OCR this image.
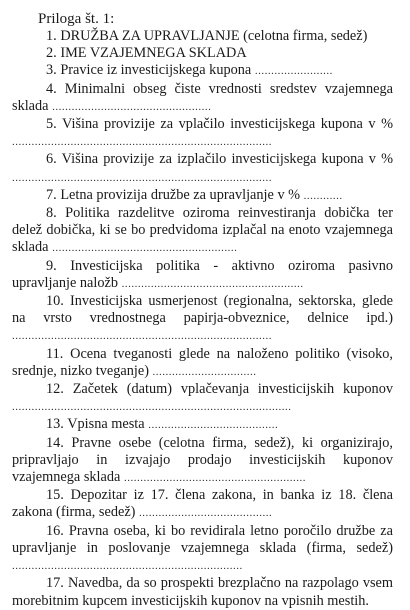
Priloga št. 1:

1. DRUŽBA ZA UPRAVLJANJE (celotna firma, sedež)

2. IME VZAJEMNEGA SKLADA

3. Pravice iz investicijskega kupona ........................

4. Minimalni obseg čiste vrednosti sredstev vzajemnega sklada .................................................

5. Višina provizije za vplačilo investicijskega kupona v % ................................................................................

6. Višina provizije za izplačilo investicijskega kupona v % ................................................................................

7. Letna provizija družbe za upravljanje v % ............

8. Politika razdelitve oziroma reinvestiranja dobička ter delež dobička, ki se bo predvidoma izplačal na enoto vzajemnega sklada .........................................................

9. Investicijska politika - aktivno oziroma pasivno upravljanje naložb ........................................................

10. Investicijska usmerjenost (regionalna, sektorska, glede na vrsto vrednostnega papirja-obveznice, delnice ipd.) ................................................................................

11. Ocena tveganosti glede na naloženo politiko (visoko, srednje, nizko tveganje) ................................

12. Začetek (datum) vplačevanja investicijskih kuponov ......................................................................................

13. Vpisna mesta ........................................

14. Pravne osebe (celotna firma, sedež), ki organizirajo, pripravljajo in izvajajo prodajo investicijskih kuponov vzajemnega sklada ........................................................

15. Depozitar iz 17. člena zakona, in banka iz 18. člena zakona (firma, sedež) .........................................

16. Pravna oseba, ki bo revidirala letno poročilo družbe za upravljanje in poslovanje vzajemnega sklada (firma, sedež) .......................................................................

17. Navedba, da so prospekti brezplačno na razpolago vsem morebitnim kupcem investicijskih kuponov na vpisnih mestih.
